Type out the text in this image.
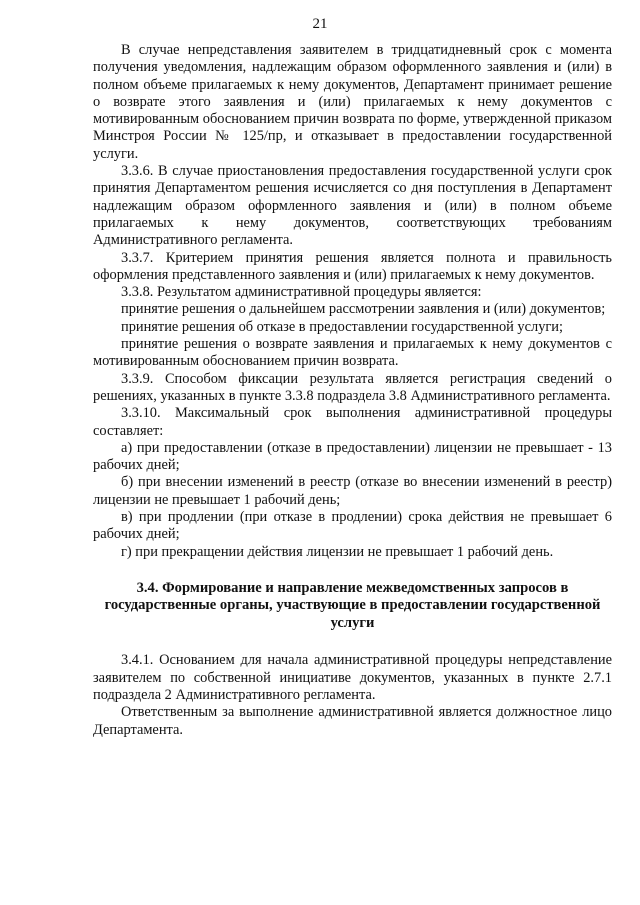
21

В случае непредставления заявителем в тридцатидневный срок с момента получения уведомления, надлежащим образом оформленного заявления и (или) в полном объеме прилагаемых к нему документов, Департамент принимает решение о возврате этого заявления и (или) прилагаемых к нему документов с мотивированным обоснованием причин возврата по форме, утвержденной приказом Минстроя России № 125/пр, и отказывает в предоставлении государственной услуги.

3.3.6. В случае приостановления предоставления государственной услуги срок принятия Департаментом решения исчисляется со дня поступления в Департамент надлежащим образом оформленного заявления и (или) в полном объеме прилагаемых к нему документов, соответствующих требованиям Административного регламента.

3.3.7. Критерием принятия решения является полнота и правильность оформления представленного заявления и (или) прилагаемых к нему документов.

3.3.8. Результатом административной процедуры является:

принятие решения о дальнейшем рассмотрении заявления и (или) документов;

принятие решения об отказе в предоставлении государственной услуги;

принятие решения о возврате заявления и прилагаемых к нему документов с мотивированным обоснованием причин возврата.

3.3.9. Способом фиксации результата является регистрация сведений о решениях, указанных в пункте 3.3.8 подраздела 3.8 Административного регламента.

3.3.10. Максимальный срок выполнения административной процедуры составляет:

а) при предоставлении (отказе в предоставлении) лицензии не превышает - 13 рабочих дней;

б) при внесении изменений в реестр (отказе во внесении изменений в реестр) лицензии не превышает 1 рабочий день;

в) при продлении (при отказе в продлении) срока действия не превышает 6 рабочих дней;

г) при прекращении действия лицензии не превышает 1 рабочий день.

3.4. Формирование и направление межведомственных запросов в государственные органы, участвующие в предоставлении государственной услуги

3.4.1. Основанием для начала административной процедуры непредставление заявителем по собственной инициативе документов, указанных в пункте 2.7.1 подраздела 2 Административного регламента.

Ответственным за выполнение административной является должностное лицо Департамента.
